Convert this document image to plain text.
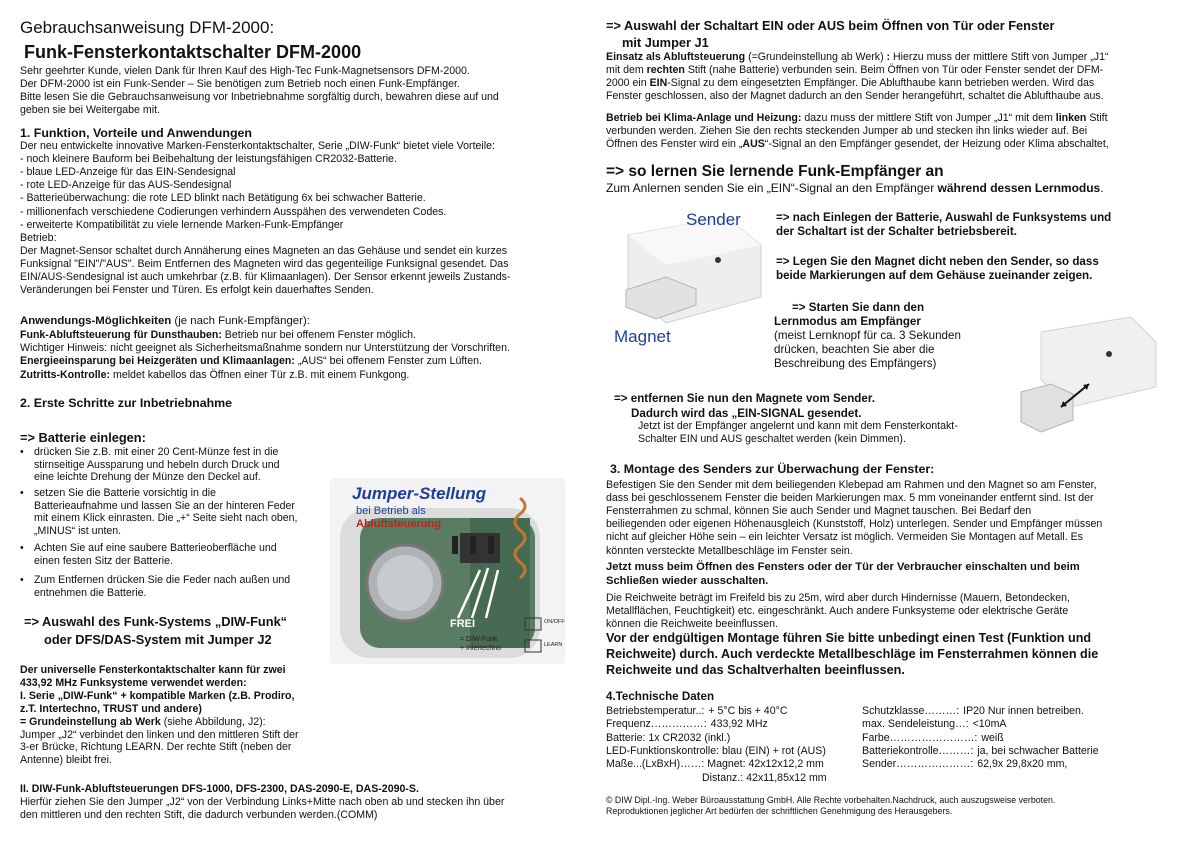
Gebrauchsanweisung DFM-2000:
Funk-Fensterkontaktschalter DFM-2000
Sehr geehrter Kunde, vielen Dank für Ihren Kauf des High-Tec Funk-Magnetsensors DFM-2000.
Der DFM-2000 ist ein Funk-Sender – Sie benötigen zum Betrieb noch einen Funk-Empfänger.
Bitte lesen Sie die Gebrauchsanweisung vor Inbetriebnahme sorgfältig durch, bewahren diese auf und
geben sie bei Weitergabe mit.
1. Funktion, Vorteile und Anwendungen
Der neu entwickelte innovative Marken-Fensterkontaktschalter, Serie „DIW-Funk“ bietet viele Vorteile:
- noch kleinere Bauform bei Beibehaltung der leistungsfähigen CR2032-Batterie.
- blaue LED-Anzeige für das EIN-Sendesignal
- rote LED-Anzeige für das AUS-Sendesignal
- Batterieüberwachung: die rote LED blinkt nach Betätigung 6x bei schwacher Batterie.
- millionenfach verschiedene Codierungen verhindern Ausspähen des verwendeten Codes.
- erweiterte Kompatibilität zu viele lernende Marken-Funk-Empfänger
Betrieb:
Der Magnet-Sensor schaltet durch Annäherung eines Magneten an das Gehäuse und sendet ein kurzes
Funksignal "EIN"/"AUS". Beim Entfernen des Magneten wird das gegenteilige Funksignal gesendet. Das
EIN/AUS-Sendesignal ist auch umkehrbar (z.B. für Klimaanlagen). Der Sensor erkennt jeweils Zustands-
Veränderungen bei Fenster und Türen. Es erfolgt kein dauerhaftes Senden.
Anwendungs-Möglichkeiten (je nach Funk-Empfänger):
Funk-Abluftsteuerung für Dunsthauben: Betrieb nur bei offenem Fenster möglich.
Wichtiger Hinweis: nicht geeignet als Sicherheitsmaßnahme sondern nur Unterstützung der Vorschriften.
Energieeinsparung bei Heizgeräten und Klimaanlagen: „AUS“ bei offenem Fenster zum Lüften.
Zutritts-Kontrolle: meldet kabellos das Öffnen einer Tür z.B. mit einem Funkgong.
2. Erste Schritte zur Inbetriebnahme
=> Batterie einlegen:
• drücken Sie z.B. mit einer 20 Cent-Münze fest in die
stirnseitige Aussparung und hebeln durch Druck und
eine leichte Drehung der Münze den Deckel auf.
• setzen Sie die Batterie vorsichtig in die
Batterieaufnahme und lassen Sie an der hinteren Feder
mit einem Klick einrasten. Die „+“ Seite sieht nach oben,
„MINUS“ ist unten.
• Achten Sie auf eine saubere Batterieoberfläche und
einen festen Sitz der Batterie.
• Zum Entfernen drücken Sie die Feder nach außen und
entnehmen die Batterie.
=> Auswahl des Funk-Systems „DIW-Funk“
oder DFS/DAS-System mit Jumper J2
Der universelle Fensterkontaktschalter kann für zwei
433,92 MHz Funksysteme verwendet werden:
I. Serie „DIW-Funk“ + kompatible Marken (z.B. Prodiro,
z.T. Intertechno, TRUST und andere)
= Grundeinstellung ab Werk (siehe Abbildung, J2):
Jumper „J2“ verbindet den linken und den mittleren Stift der
3-er Brücke, Richtung LEARN. Der rechte Stift (neben der
Antenne) bleibt frei.
II. DIW-Funk-Abluftsteuerungen DFS-1000, DFS-2300, DAS-2090-E, DAS-2090-S.
Hierfür ziehen Sie den Jumper „J2“ von der Verbindung Links+Mitte nach oben ab und stecken ihn über
den mittleren und den rechten Stift, die dadurch verbunden werden.(COMM)
Jumper-Stellung
bei Betrieb als
Abluftsteuerung
FREI
= DIW-Funk
+ Intertechno
ON/OFF
LEARN
=> Auswahl der Schaltart EIN oder AUS beim Öffnen von Tür oder Fenster
mit Jumper J1
Einsatz als Abluftsteuerung (=Grundeinstellung ab Werk) : Hierzu muss der mittlere Stift von Jumper „J1“
mit dem rechten Stift (nahe Batterie) verbunden sein. Beim Öffnen von Tür oder Fenster sendet der DFM-
2000 ein EIN-Signal zu dem eingesetzten Empfänger. Die Ablufthaube kann betrieben werden. Wird das
Fenster geschlossen, also der Magnet dadurch an den Sender herangeführt, schaltet die Ablufthaube aus.
Betrieb bei Klima-Anlage und Heizung: dazu muss der mittlere Stift von Jumper „J1“ mit dem linken Stift
verbunden werden. Ziehen Sie den rechts steckenden Jumper ab und stecken ihn links wieder auf. Bei
Öffnen des Fenster wird ein „AUS“-Signal an den Empfänger gesendet, der Heizung oder Klima abschaltet,
=> so lernen Sie lernende Funk-Empfänger an
Zum Anlernen senden Sie ein „EIN“-Signal an den Empfänger während dessen Lernmodus.
Sender
Magnet
=> nach Einlegen der Batterie, Auswahl de Funksystems und
der Schaltart ist der Schalter betriebsbereit.
=> Legen Sie den Magnet dicht neben den Sender, so dass
beide Markierungen auf dem Gehäuse zueinander zeigen.
=> Starten Sie dann den
Lernmodus am Empfänger
(meist Lernknopf für ca. 3 Sekunden
drücken, beachten Sie aber die
Beschreibung des Empfängers)
=> entfernen Sie nun den Magnete vom Sender.
Dadurch wird das „EIN-SIGNAL gesendet.
Jetzt ist der Empfänger angelernt und kann mit dem Fensterkontakt-
Schalter EIN und AUS geschaltet werden (kein Dimmen).
3. Montage des Senders zur Überwachung der Fenster:
Befestigen Sie den Sender mit dem beiliegenden Klebepad am Rahmen und den Magnet so am Fenster,
dass bei geschlossenem Fenster die beiden Markierungen max. 5 mm voneinander entfernt sind. Ist der
Fensterrahmen zu schmal, können Sie auch Sender und Magnet tauschen. Bei Bedarf den
beiliegenden oder eigenen Höhenausgleich (Kunststoff, Holz) unterlegen. Sender und Empfänger müssen
nicht auf gleicher Höhe sein – ein leichter Versatz ist möglich. Vermeiden Sie Montagen auf Metall. Es
könnten versteckte Metallbeschläge im Fenster sein.
Jetzt muss beim Öffnen des Fensters oder der Tür der Verbraucher einschalten und beim
Schließen wieder ausschalten.
Die Reichweite beträgt im Freifeld bis zu 25m, wird aber durch Hindernisse (Mauern, Betondecken,
Metallflächen, Feuchtigkeit) etc. eingeschränkt. Auch andere Funksysteme oder elektrische Geräte
können die Reichweite beeinflussen.
Vor der endgültigen Montage führen Sie bitte unbedingt einen Test (Funktion und
Reichweite) durch. Auch verdeckte Metallbeschläge im Fensterrahmen können die
Reichweite und das Schaltverhalten beeinflussen.
4.Technische Daten
Betriebstemperatur..: + 5°C bis + 40°C
Frequenz……………: 433,92 MHz
Batterie: 1x CR2032 (inkl.)
LED-Funktionskontrolle: blau (EIN) + rot (AUS)
Maße...(LxBxH)……: Magnet: 42x12x12,2 mm
Distanz.: 42x11,85x12 mm
Schutzklasse………: IP20 Nur innen betreiben.
max. Sendeleistung…: <10mA
Farbe……………………: weiß
Batteriekontrolle………: ja, bei schwacher Batterie
Sender…………………: 62,9x 29,8x20 mm,
© DIW Dipl.-Ing. Weber Büroausstattung GmbH. Alle Rechte vorbehalten.Nachdruck, auch auszugsweise verboten.
Reproduktionen jeglicher Art bedürfen der schriftlichen Genehmigung des Herausgebers.
